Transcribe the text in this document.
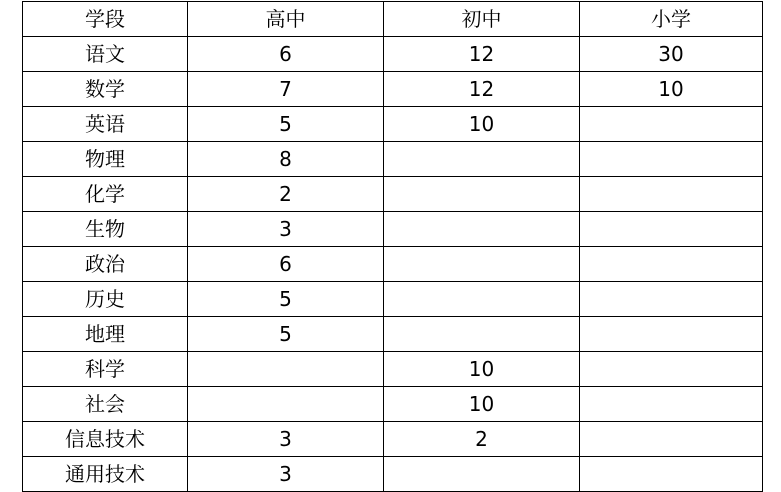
学段	高中	初中	小学
语文	6	12	30
数学	7	12	10
英语	5	10	
物理	8		
化学	2		
生物	3		
政治	6		
历史	5		
地理	5		
科学		10	
社会		10	
信息技术	3	2	
通用技术	3		
